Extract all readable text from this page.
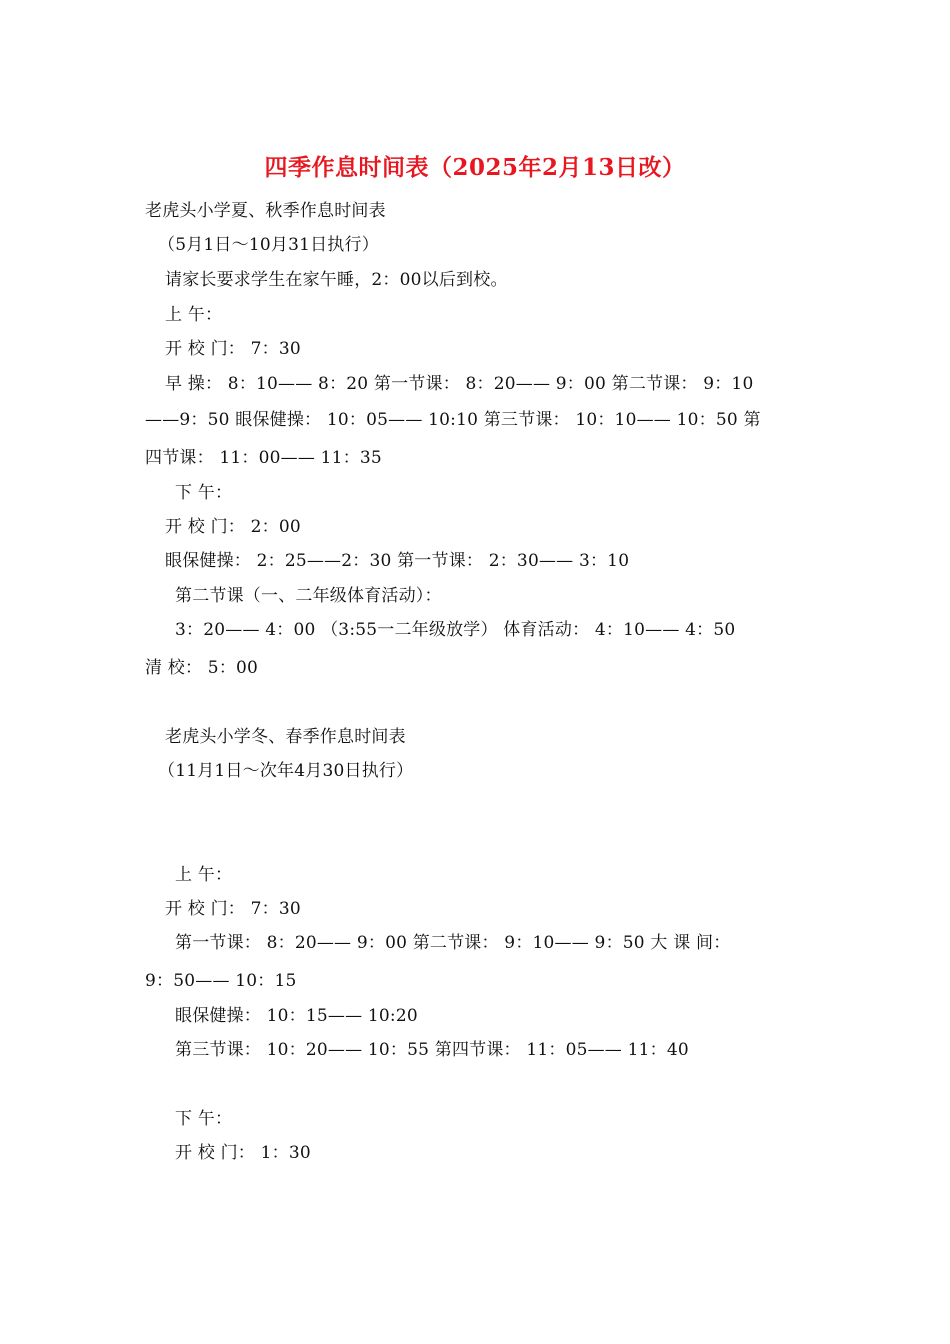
四季作息时间表（2025年2月13日改）
老虎头小学夏、秋季作息时间表
（5月1日～10月31日执行）
请家长要求学生在家午睡，2：00以后到校。
上 午：
开 校 门： 7：30
早 操： 8：10—— 8：20 第一节课： 8：20—— 9：00 第二节课： 9：10
——9：50 眼保健操： 10：05—— 10:10 第三节课： 10：10—— 10：50 第
四节课： 11：00—— 11：35
下 午：
开 校 门： 2：00
眼保健操： 2：25——2：30 第一节课： 2：30—— 3：10
第二节课（一、二年级体育活动）：
3：20—— 4：00 （3:55一二年级放学） 体育活动： 4：10—— 4：50
清 校： 5：00
老虎头小学冬、春季作息时间表
（11月1日～次年4月30日执行）
上 午：
开 校 门： 7：30
第一节课： 8：20—— 9：00 第二节课： 9：10—— 9：50 大 课 间：
9：50—— 10：15
眼保健操： 10：15—— 10:20
第三节课： 10：20—— 10：55 第四节课： 11：05—— 11：40
下 午：
开 校 门： 1：30
